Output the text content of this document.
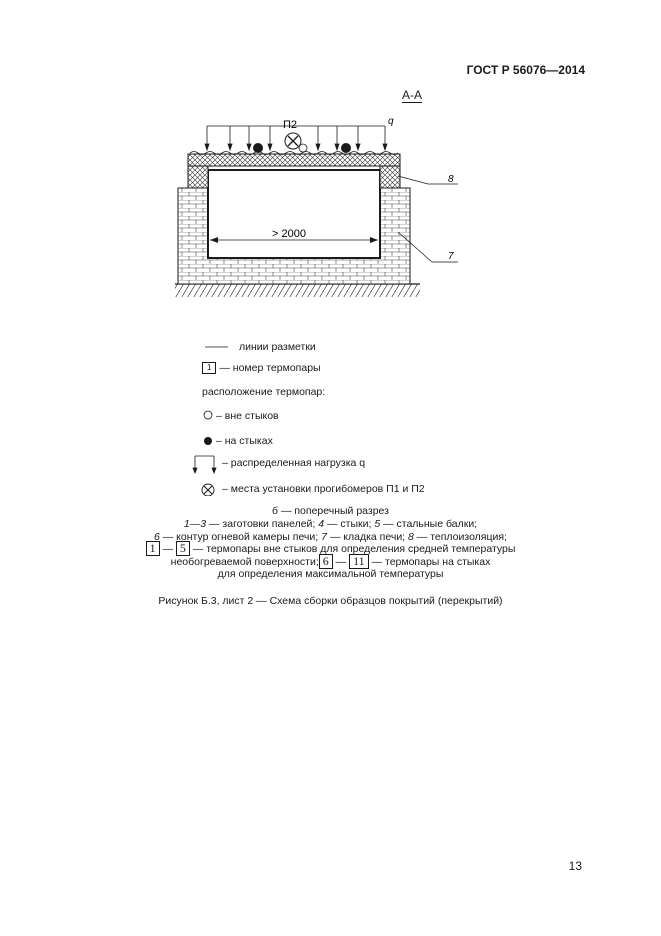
ГОСТ Р 56076—2014
А-А
П2	q
> 2000
8
7
линии разметки
1 — номер термопары
расположение термопар:
– вне стыков
– на стыках
– распределенная нагрузка q
– места установки прогибомеров П1 и П2
б — поперечный разрез
1—3 — заготовки панелей; 4 — стыки; 5 — стальные балки;
6 — контур огневой камеры печи; 7 — кладка печи; 8 — теплоизоляция;
1 — 5 — термопары вне стыков для определения средней температуры
необогреваемой поверхности; 6 — 11 — термопары на стыках
для определения максимальной температуры
Рисунок Б.3, лист 2 — Схема сборки образцов покрытий (перекрытий)
13
